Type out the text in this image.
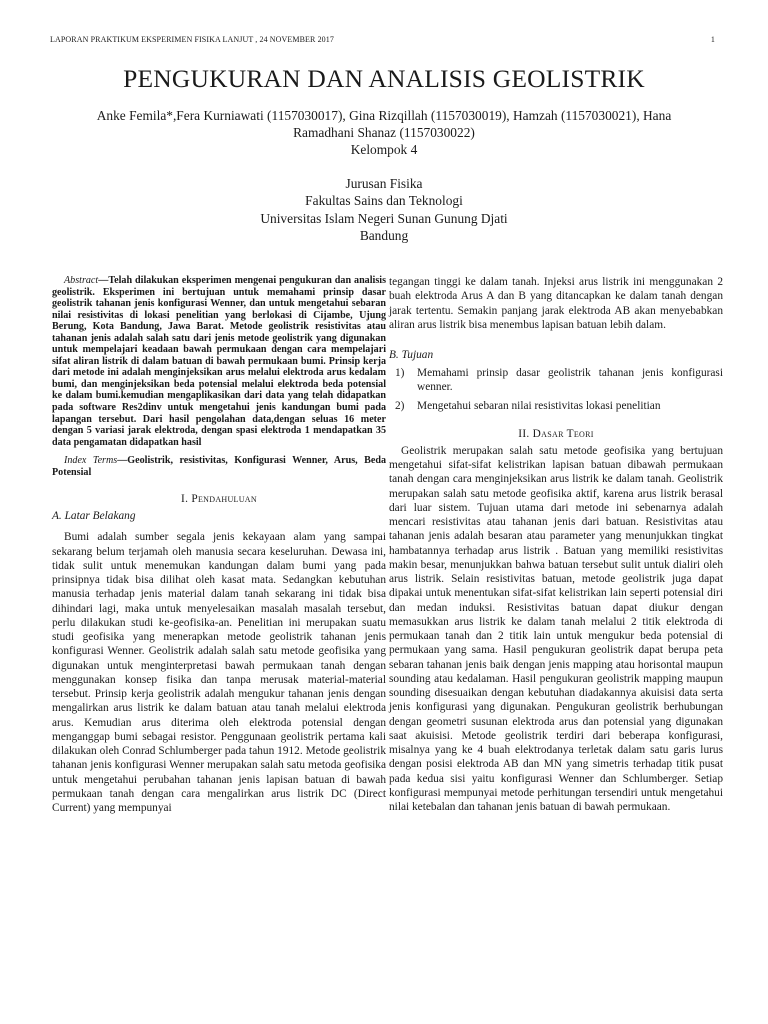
LAPORAN PRAKTIKUM EKSPERIMEN FISIKA LANJUT , 24 NOVEMBER 2017	1
PENGUKURAN DAN ANALISIS GEOLISTRIK
Anke Femila*,Fera Kurniawati (1157030017), Gina Rizqillah (1157030019), Hamzah (1157030021), Hana
Ramadhani Shanaz (1157030022)
Kelompok 4
Jurusan Fisika
Fakultas Sains dan Teknologi
Universitas Islam Negeri Sunan Gunung Djati
Bandung

Abstract—Telah dilakukan eksperimen mengenai pengukuran dan analisis geolistrik. Eksperimen ini bertujuan untuk memahami prinsip dasar geolistrik tahanan jenis konfigurasi Wenner, dan untuk mengetahui sebaran nilai resistivitas di lokasi penelitian yang berlokasi di Cijambe, Ujung Berung, Kota Bandung, Jawa Barat. Metode geolistrik resistivitas atau tahanan jenis adalah salah satu dari jenis metode geolistrik yang digunakan untuk mempelajari keadaan bawah permukaan dengan cara mempelajari sifat aliran listrik di dalam batuan di bawah permukaan bumi. Prinsip kerja dari metode ini adalah menginjeksikan arus melalui elektroda arus kedalam bumi, dan menginjeksikan beda potensial melalui elektroda beda potensial ke dalam bumi.kemudian mengaplikasikan dari data yang telah didapatkan pada software Res2dinv untuk mengetahui jenis kandungan bumi pada lapangan tersebut. Dari hasil pengolahan data,dengan seluas 16 meter dengan 5 variasi jarak elektroda, dengan spasi elektroda 1 mendapatkan 35 data pengamatan didapatkan hasil

Index Terms—Geolistrik, resistivitas, Konfigurasi Wenner, Arus, Beda Potensial

I. Pendahuluan
A. Latar Belakang

Bumi adalah sumber segala jenis kekayaan alam yang sampai sekarang belum terjamah oleh manusia secara keseluruhan. Dewasa ini, tidak sulit untuk menemukan kandungan dalam bumi yang pada prinsipnya tidak bisa dilihat oleh kasat mata. Sedangkan kebutuhan manusia terhadap jenis material dalam tanah sekarang ini tidak bisa dihindari lagi, maka untuk menyelesaikan masalah masalah tersebut, perlu dilakukan studi ke-geofisika-an. Penelitian ini merupakan suatu studi geofisika yang menerapkan metode geolistrik tahanan jenis konfigurasi Wenner. Geolistrik adalah salah satu metode geofisika yang digunakan untuk menginterpretasi bawah permukaan tanah dengan menggunakan konsep fisika dan tanpa merusak material-material tersebut. Prinsip kerja geolistrik adalah mengukur tahanan jenis dengan mengalirkan arus listrik ke dalam batuan atau tanah melalui elektroda arus. Kemudian arus diterima oleh elektroda potensial dengan menganggap bumi sebagai resistor. Penggunaan geolistrik pertama kali dilakukan oleh Conrad Schlumberger pada tahun 1912. Metode geolistrik tahanan jenis konfigurasi Wenner merupakan salah satu metoda geofisika untuk mengetahui perubahan tahanan jenis lapisan batuan di bawah permukaan tanah dengan cara mengalirkan arus listrik DC (Direct Current) yang mempunyai

tegangan tinggi ke dalam tanah. Injeksi arus listrik ini menggunakan 2 buah elektroda Arus A dan B yang ditancapkan ke dalam tanah dengan jarak tertentu. Semakin panjang jarak elektroda AB akan menyebabkan aliran arus listrik bisa menembus lapisan batuan lebih dalam.

B. Tujuan
1) Memahami prinsip dasar geolistrik tahanan jenis konfigurasi wenner.
2) Mengetahui sebaran nilai resistivitas lokasi penelitian
II. Dasar Teori

Geolistrik merupakan salah satu metode geofisika yang bertujuan mengetahui sifat-sifat kelistrikan lapisan batuan dibawah permukaan tanah dengan cara menginjeksikan arus listrik ke dalam tanah. Geolistrik merupakan salah satu metode geofisika aktif, karena arus listrik berasal dari luar sistem. Tujuan utama dari metode ini sebenarnya adalah mencari resistivitas atau tahanan jenis dari batuan. Resistivitas atau tahanan jenis adalah besaran atau parameter yang menunjukkan tingkat hambatannya terhadap arus listrik . Batuan yang memiliki resistivitas makin besar, menunjukkan bahwa batuan tersebut sulit untuk dialiri oleh arus listrik. Selain resistivitas batuan, metode geolistrik juga dapat dipakai untuk menentukan sifat-sifat kelistrikan lain seperti potensial diri dan medan induksi. Resistivitas batuan dapat diukur dengan memasukkan arus listrik ke dalam tanah melalui 2 titik elektroda di permukaan tanah dan 2 titik lain untuk mengukur beda potensial di permukaan yang sama. Hasil pengukuran geolistrik dapat berupa peta sebaran tahanan jenis baik dengan jenis mapping atau horisontal maupun sounding atau kedalaman. Hasil pengukuran geolistrik mapping maupun sounding disesuaikan dengan kebutuhan diadakannya akuisisi data serta jenis konfigurasi yang digunakan. Pengukuran geolistrik berhubungan dengan geometri susunan elektroda arus dan potensial yang digunakan saat akuisisi. Metode geolistrik terdiri dari beberapa konfigurasi, misalnya yang ke 4 buah elektrodanya terletak dalam satu garis lurus dengan posisi elektroda AB dan MN yang simetris terhadap titik pusat pada kedua sisi yaitu konfigurasi Wenner dan Schlumberger. Setiap konfigurasi mempunyai metode perhitungan tersendiri untuk mengetahui nilai ketebalan dan tahanan jenis batuan di bawah permukaan.
